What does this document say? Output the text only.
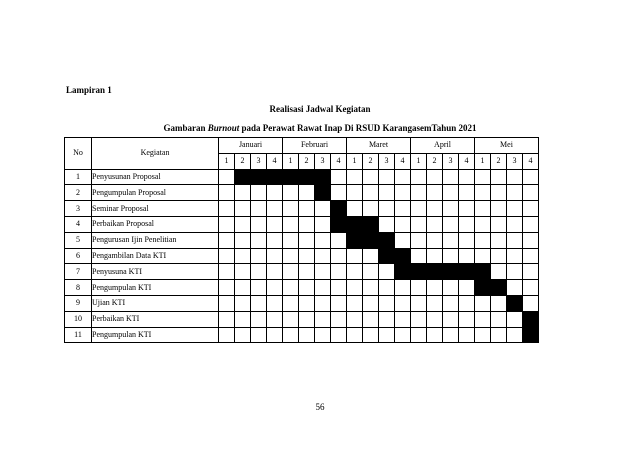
Lampiran 1
Realisasi Jadwal Kegiatan
Gambaran Burnout pada Perawat Rawat Inap Di RSUD KarangasemTahun 2021
No	Kegiatan	Januari				Februari				Maret				April				Mei			
		1	2	3	4	1	2	3	4	1	2	3	4	1	2	3	4	1	2	3	4
1	Penyusunan Proposal																				
2	Pengumpulan Proposal																				
3	Seminar Proposal																				
4	Perbaikan Proposal																				
5	Pengurusan Ijin Penelitian																				
6	Pengambilan Data KTI																				
7	Penyusuna KTI																				
8	Pengumpulan KTI																				
9	Ujian KTI																				
10	Perbaikan KTI																				
11	Pengumpulan KTI																				
56
